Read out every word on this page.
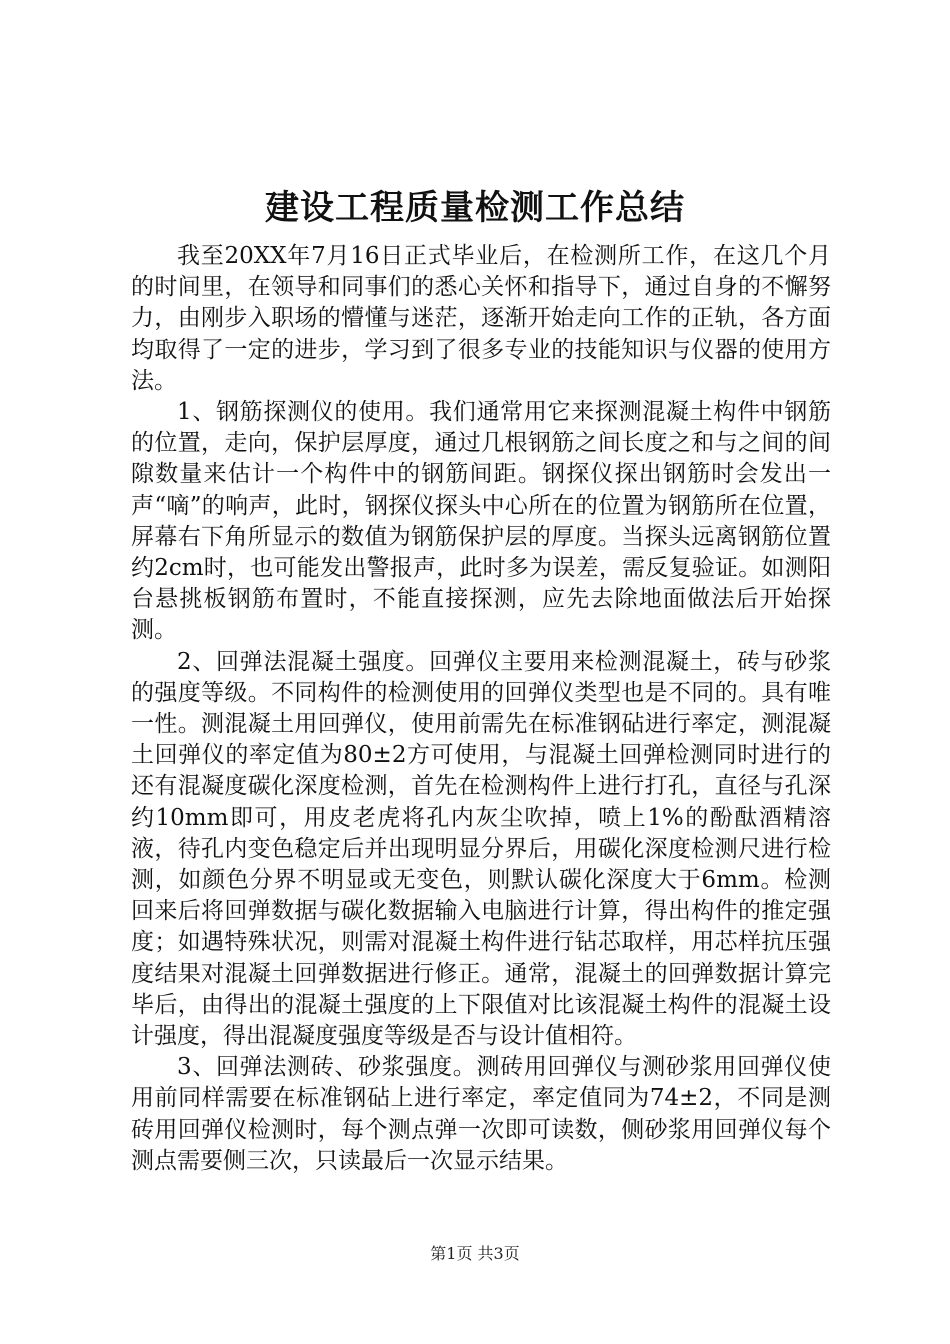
建设工程质量检测工作总结

我至20XX年7月16日正式毕业后，在检测所工作，在这几个月的时间里，在领导和同事们的悉心关怀和指导下，通过自身的不懈努力，由刚步入职场的懵懂与迷茫，逐渐开始走向工作的正轨，各方面均取得了一定的进步，学习到了很多专业的技能知识与仪器的使用方法。

1、钢筋探测仪的使用。我们通常用它来探测混凝土构件中钢筋的位置，走向，保护层厚度，通过几根钢筋之间长度之和与之间的间隙数量来估计一个构件中的钢筋间距。钢探仪探出钢筋时会发出一声“嘀”的响声，此时，钢探仪探头中心所在的位置为钢筋所在位置，屏幕右下角所显示的数值为钢筋保护层的厚度。当探头远离钢筋位置约2cm时，也可能发出警报声，此时多为误差，需反复验证。如测阳台悬挑板钢筋布置时，不能直接探测，应先去除地面做法后开始探测。

2、回弹法混凝土强度。回弹仪主要用来检测混凝土，砖与砂浆的强度等级。不同构件的检测使用的回弹仪类型也是不同的。具有唯一性。测混凝土用回弹仪，使用前需先在标准钢砧进行率定，测混凝土回弹仪的率定值为80±2方可使用，与混凝土回弹检测同时进行的还有混凝度碳化深度检测，首先在检测构件上进行打孔，直径与孔深约10mm即可，用皮老虎将孔内灰尘吹掉，喷上1%的酚酞酒精溶液，待孔内变色稳定后并出现明显分界后，用碳化深度检测尺进行检测，如颜色分界不明显或无变色，则默认碳化深度大于6mm。检测回来后将回弹数据与碳化数据输入电脑进行计算，得出构件的推定强度；如遇特殊状况，则需对混凝土构件进行钻芯取样，用芯样抗压强度结果对混凝土回弹数据进行修正。通常，混凝土的回弹数据计算完毕后，由得出的混凝土强度的上下限值对比该混凝土构件的混凝土设计强度，得出混凝度强度等级是否与设计值相符。

3、回弹法测砖、砂浆强度。测砖用回弹仪与测砂浆用回弹仪使用前同样需要在标准钢砧上进行率定，率定值同为74±2，不同是测砖用回弹仪检测时，每个测点弹一次即可读数，侧砂浆用回弹仪每个测点需要侧三次，只读最后一次显示结果。

第1页 共3页
